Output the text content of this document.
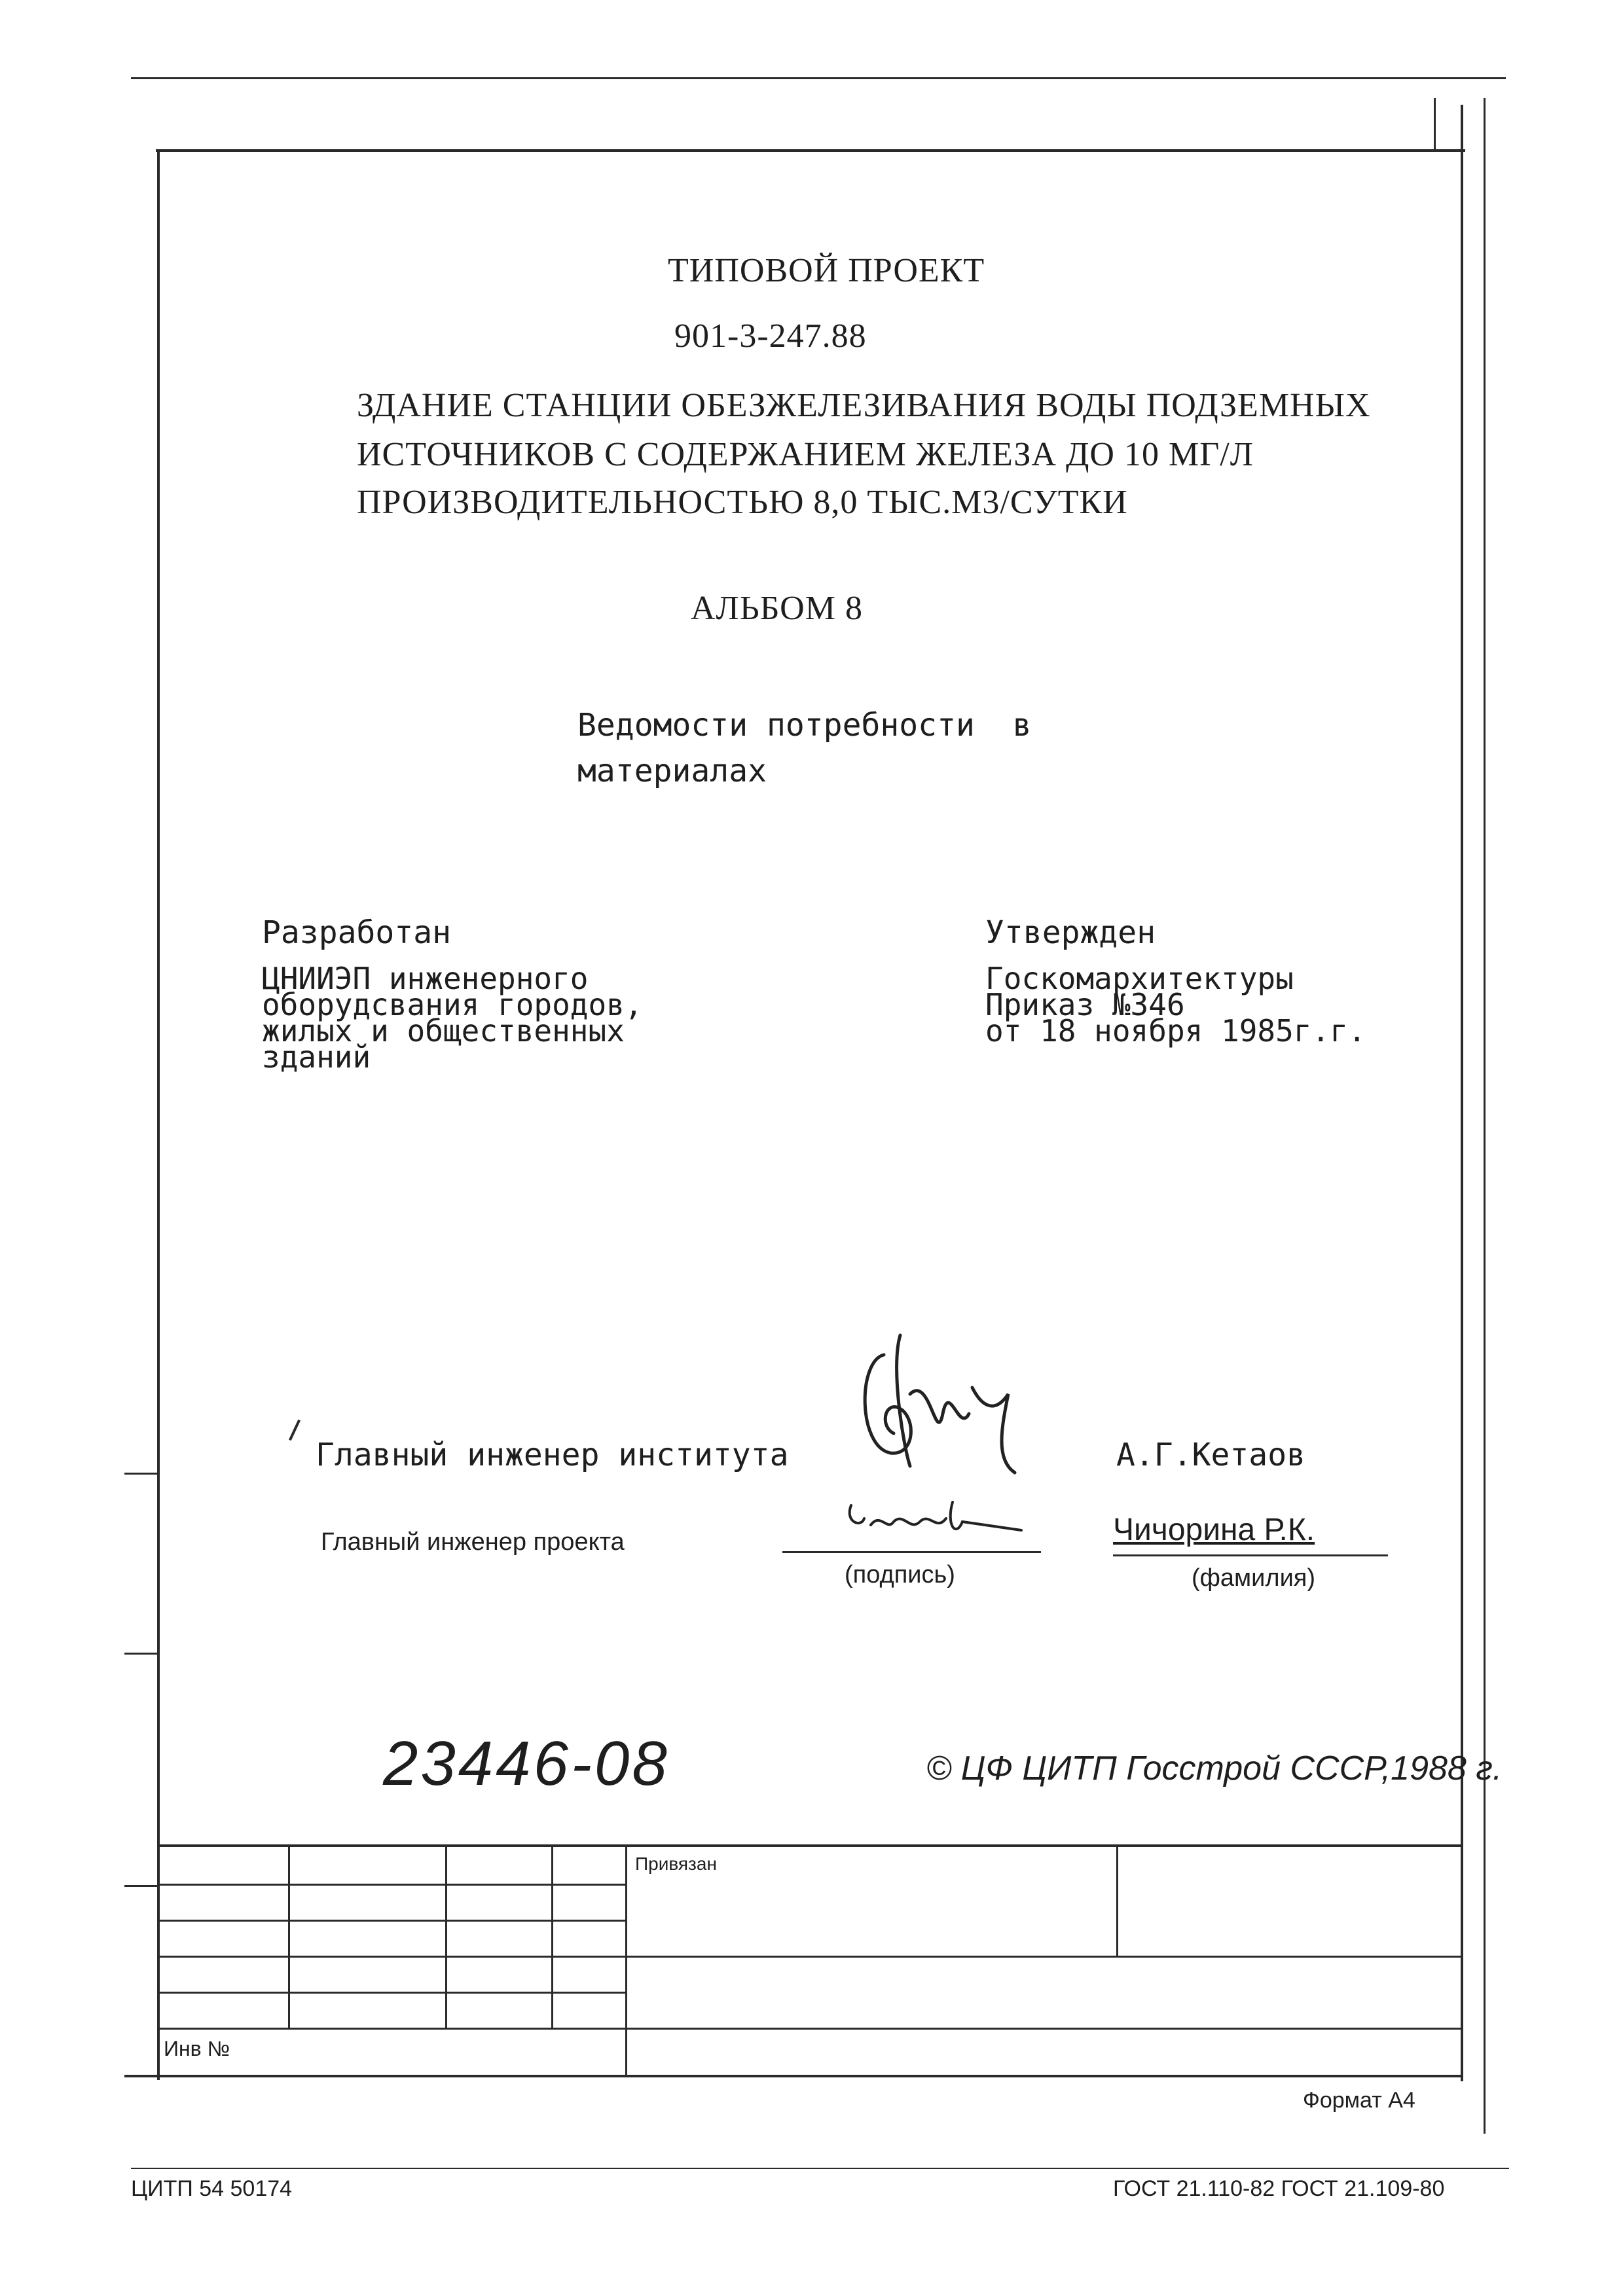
ТИПОВОЙ ПРОЕКТ
901-3-247.88
ЗДАНИЕ СТАНЦИИ ОБЕЗЖЕЛЕЗИВАНИЯ ВОДЫ ПОДЗЕМНЫХ
ИСТОЧНИКОВ С СОДЕРЖАНИЕМ ЖЕЛЕЗА ДО 10 МГ/Л
ПРОИЗВОДИТЕЛЬНОСТЬЮ 8,0 ТЫС.М3/СУТКИ
АЛЬБОМ 8
Ведомости потребности  в
материалах
Разработан
ЦНИИЭП инженерного
оборудсвания городов,
жилых и общественных
зданий
Утвержден
Госкомархитектуры
Приказ №346
от 18 ноября 1985г.г.
Главный инженер института	А.Г.Кетаов
Главный инженер проекта
(подпись)
Чичорина Р.К.
(фамилия)
23446-08	© ЦФ ЦИТП Госстрой СССР,1988 г.
Привязан
Инв №
Формат А4
ЦИТП 54 50174	ГОСТ 21.110-82 ГОСТ 21.109-80
